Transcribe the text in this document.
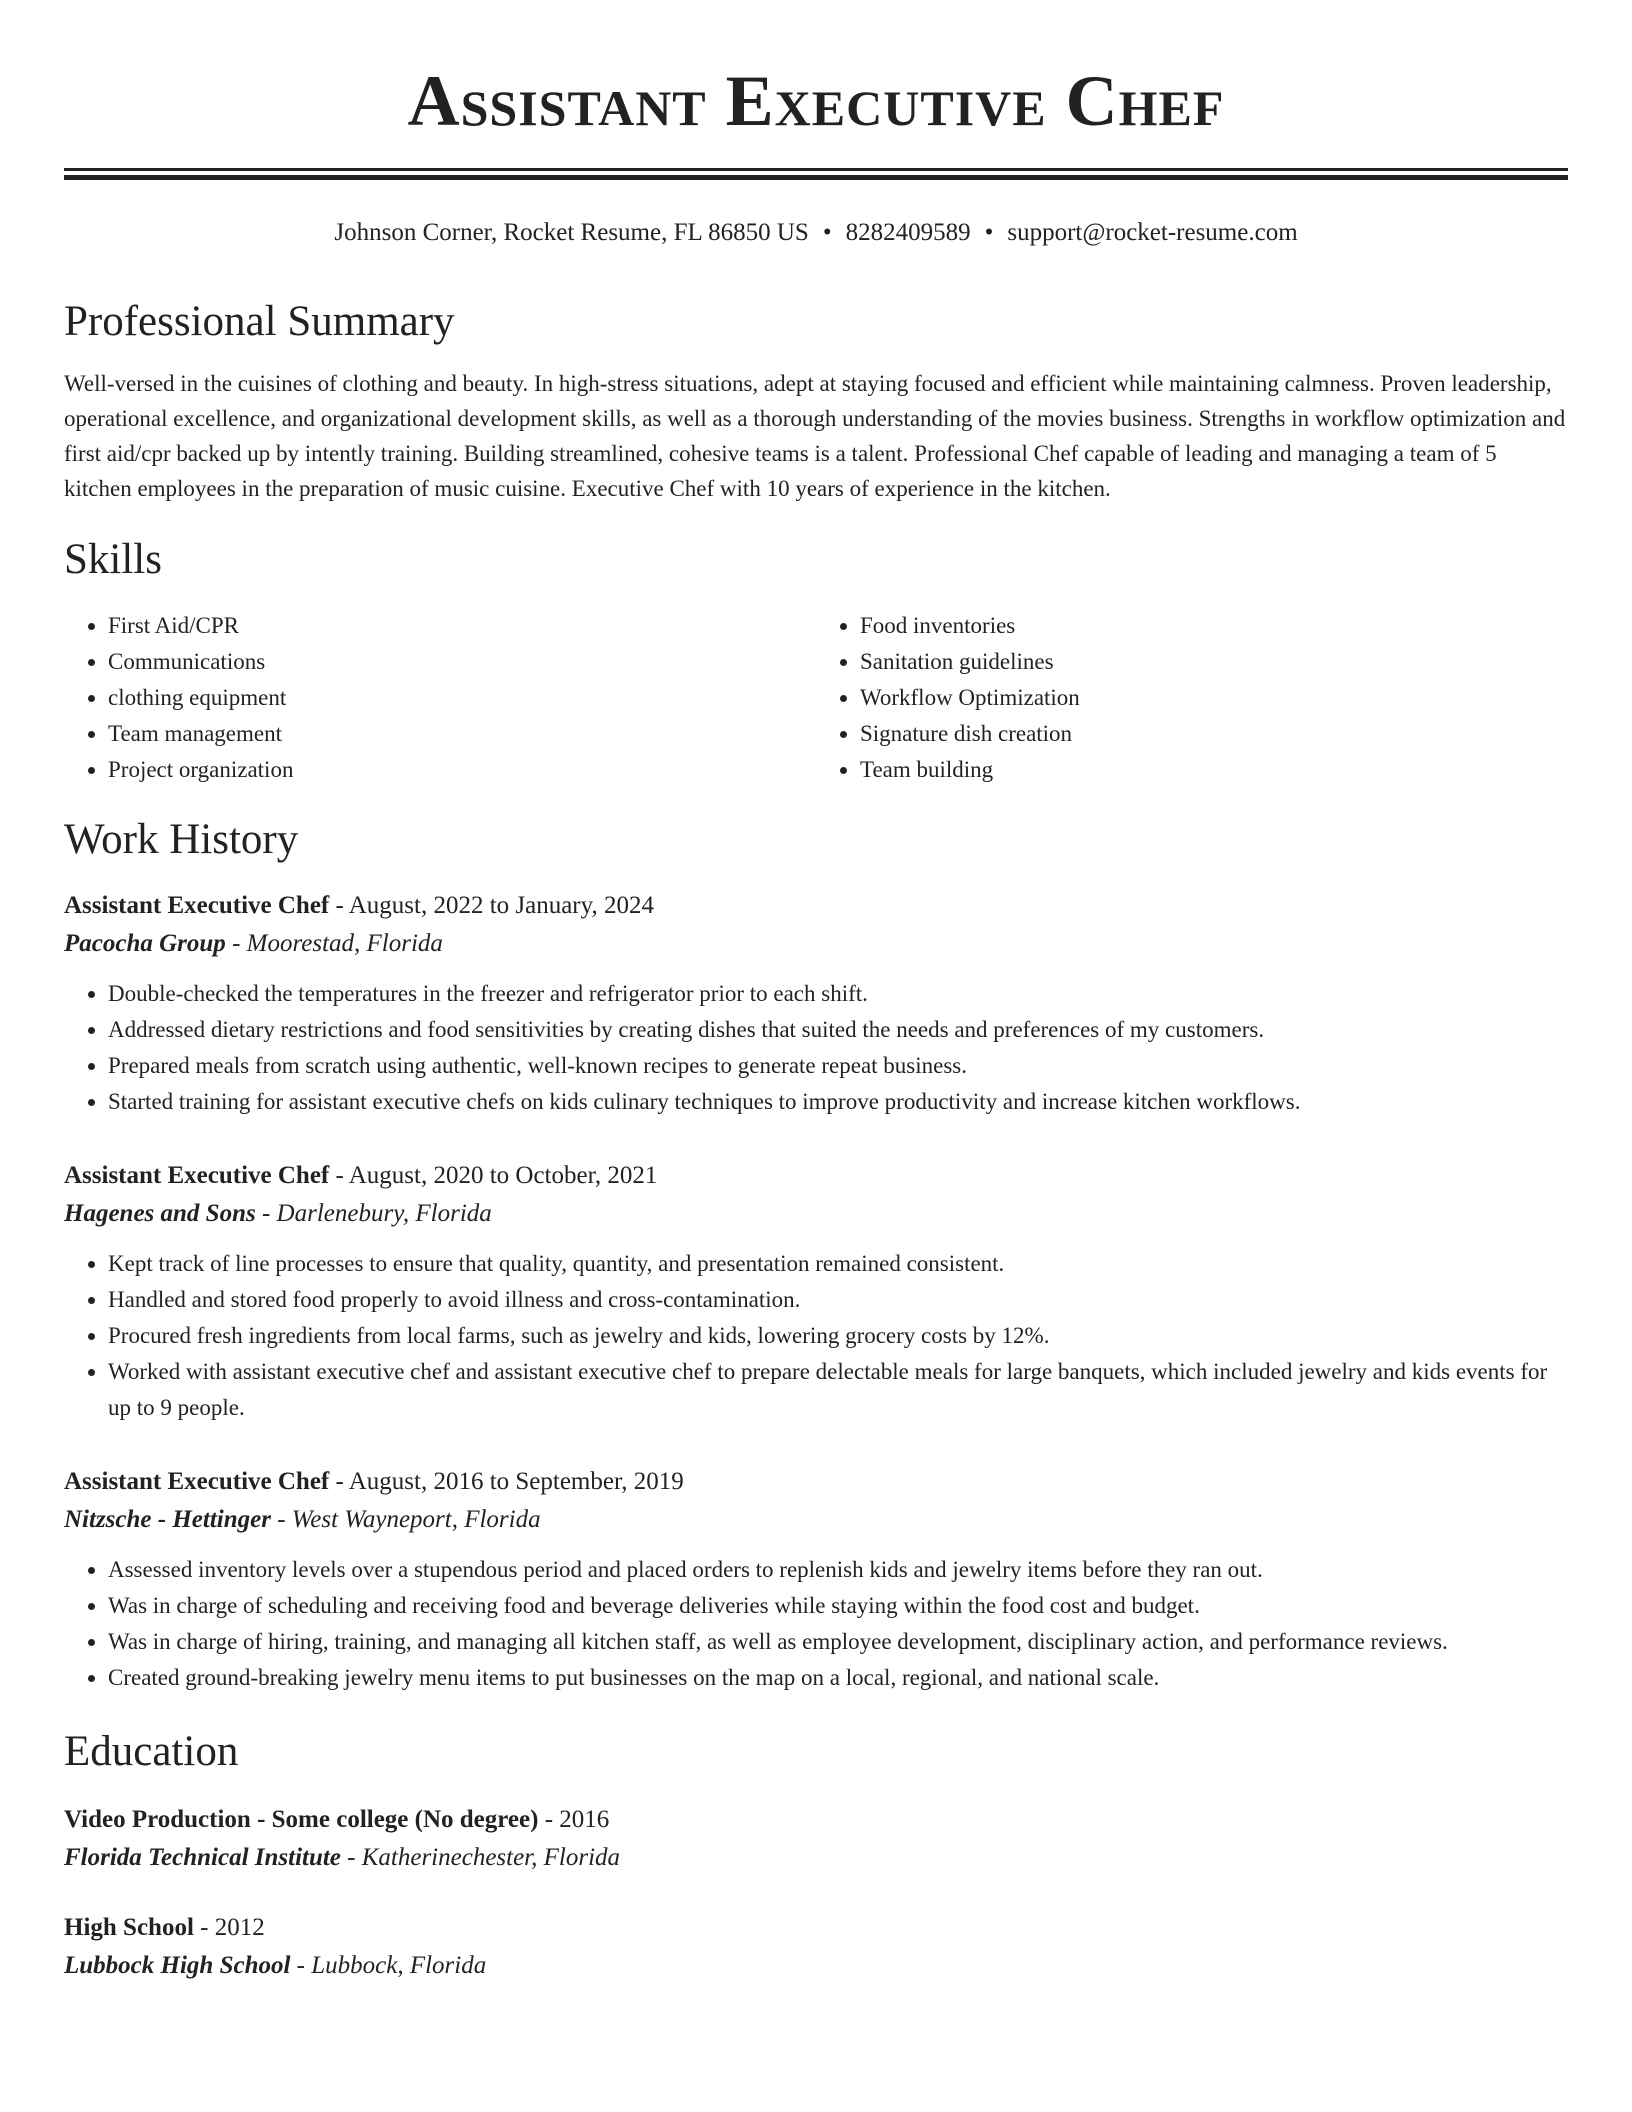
Assistant Executive Chef
Johnson Corner, Rocket Resume, FL 86850 US • 8282409589 • support@rocket-resume.com
Professional Summary

Well-versed in the cuisines of clothing and beauty. In high-stress situations, adept at staying focused and efficient while maintaining calmness. Proven leadership, operational excellence, and organizational development skills, as well as a thorough understanding of the movies business. Strengths in workflow optimization and first aid/cpr backed up by intently training. Building streamlined, cohesive teams is a talent. Professional Chef capable of leading and managing a team of 5 kitchen employees in the preparation of music cuisine. Executive Chef with 10 years of experience in the kitchen.

Skills
• First Aid/CPR
• Communications
• clothing equipment
• Team management
• Project organization
• Food inventories
• Sanitation guidelines
• Workflow Optimization
• Signature dish creation
• Team building
Work History

Assistant Executive Chef - August, 2022 to January, 2024

Pacocha Group - Moorestad, Florida

• Double-checked the temperatures in the freezer and refrigerator prior to each shift.
• Addressed dietary restrictions and food sensitivities by creating dishes that suited the needs and preferences of my customers.
• Prepared meals from scratch using authentic, well-known recipes to generate repeat business.
• Started training for assistant executive chefs on kids culinary techniques to improve productivity and increase kitchen workflows.

Assistant Executive Chef - August, 2020 to October, 2021

Hagenes and Sons - Darlenebury, Florida

• Kept track of line processes to ensure that quality, quantity, and presentation remained consistent.
• Handled and stored food properly to avoid illness and cross-contamination.
• Procured fresh ingredients from local farms, such as jewelry and kids, lowering grocery costs by 12%.
• Worked with assistant executive chef and assistant executive chef to prepare delectable meals for large banquets, which included jewelry and kids events for up to 9 people.

Assistant Executive Chef - August, 2016 to September, 2019

Nitzsche - Hettinger - West Wayneport, Florida

• Assessed inventory levels over a stupendous period and placed orders to replenish kids and jewelry items before they ran out.
• Was in charge of scheduling and receiving food and beverage deliveries while staying within the food cost and budget.
• Was in charge of hiring, training, and managing all kitchen staff, as well as employee development, disciplinary action, and performance reviews.
• Created ground-breaking jewelry menu items to put businesses on the map on a local, regional, and national scale.
Education

Video Production - Some college (No degree) - 2016

Florida Technical Institute - Katherinechester, Florida

High School - 2012

Lubbock High School - Lubbock, Florida
